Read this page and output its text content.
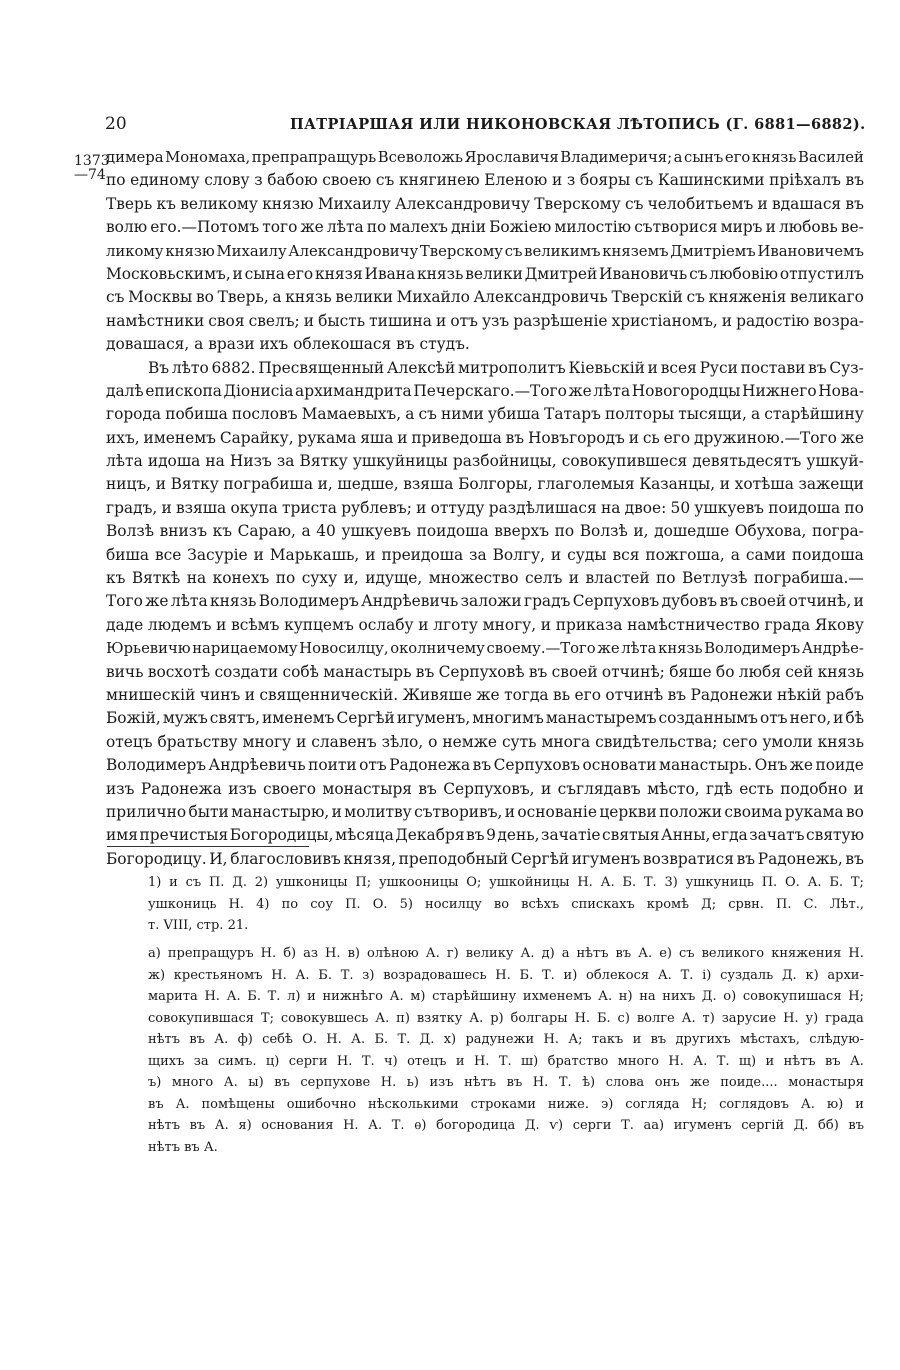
20	ПАТРІАРШАЯ ИЛИ НИКОНОВСКАЯ ЛѢТОПИСЬ (Г. 6881—6882).
1373
—74
димера Мономаха, препрапращурь Всеволожь Ярославичя Владимеричя; а сынъ его князь Василей
по единому слову з бабою своею съ княгинею Еленою и з бояры съ Кашинскими пріѣхалъ въ
Тверь къ великому князю Михаилу Александровичу Тверскому съ челобитьемъ и вдашася въ
волю его.—Потомъ того же лѣта по малехъ дніи Божіею милостію сътворися миръ и любовь ве-
ликому князю Михаилу Александровичу Тверскому съ великимъ княземъ Дмитріемъ Ивановичемъ
Московьскимъ, и сына его князя Ивана князь велики Дмитрей Ивановичь съ любовію отпустилъ
съ Москвы во Тверь, а князь велики Михайло Александровичь Тверскій съ княженія великаго
намѣстники своя свелъ; и бысть тишина и отъ узъ разрѣшеніе христіаномъ, и радостію возра-
довашася, а врази ихъ облекошася въ студъ.
Въ лѣто 6882. Пресвященный Алексѣй митрополитъ Кіевьскій и всея Руси постави въ Суз-
далѣ епископа Діонисіа архимандрита Печерскаго.—Того же лѣта Новогородцы Нижнего Нова-
города побиша пословъ Мамаевыхъ, а съ ними убиша Татаръ полторы тысящи, а старѣйшину
ихъ, именемъ Сарайку, рукама яша и приведоша въ Новъгородъ и сь его дружиною.—Того же
лѣта идоша на Низъ за Вятку ушкуйницы разбойницы, совокупившеся девятьдесятъ ушкуй-
ницъ, и Вятку пограбиша и, шедше, взяша Болгоры, глаголемыя Казанцы, и хотѣша зажещи
градъ, и взяша окупа триста рублевъ; и оттуду раздѣлишася на двое: 50 ушкуевъ поидоша по
Волзѣ внизъ къ Сараю, а 40 ушкуевъ поидоша вверхъ по Волзѣ и, дошедше Обухова, погра-
биша все Засуріе и Марькашь, и преидоша за Волгу, и суды вся пожгоша, а сами поидоша
къ Вяткѣ на конехъ по суху и, идуще, множество селъ и властей по Ветлузѣ пограбиша.—
Того же лѣта князь Володимеръ Андрѣевичь заложи градъ Серпуховъ дубовъ въ своей отчинѣ, и
даде людемъ и всѣмъ купцемъ ослабу и лготу многу, и приказа намѣстничество града Якову
Юрьевичю нарицаемому Новосилцу, околничему своему.—Того же лѣта князь Володимеръ Андрѣе-
вичь восхотѣ создати собѣ манастырь въ Серпуховѣ въ своей отчинѣ; бяше бо любя сей князь
мнишескій чинъ и священническій. Живяше же тогда вь его отчинѣ въ Радонежи нѣкій рабъ
Божій, мужъ святъ, именемъ Сергѣй игуменъ, многимъ манастыремъ созданнымъ отъ него, и бѣ
отецъ братьству многу и славенъ зѣло, о немже суть многа свидѣтельства; сего умоли князь
Володимеръ Андрѣевичь поити отъ Радонежа въ Серпуховъ основати манастырь. Онъ же поиде
изъ Радонежа изъ своего монастыря въ Серпуховъ, и съглядавъ мѣсто, гдѣ есть подобно и
прилично быти манастырю, и молитву сътворивъ, и основаніе церкви положи своима рукама во
имя пречистыя Богородицы, мѣсяца Декабря въ 9 день, зачатіе святыя Анны, егда зачатъ святую
Богородицу. И, благословивъ князя, преподобный Сергѣй игуменъ возвратися въ Радонежь, въ
1) и съ П. Д. 2) ушконицы П; ушкооницы О; ушкойницы Н. А. Б. Т. 3) ушкуниць П. О. А. Б. Т;
ушкониць Н. 4) по соу П. О. 5) носилцу во всѣхъ спискахъ кромѣ Д; срвн. П. С. Лѣт.,
т. VIII, стр. 21.
а) препращуръ Н. б) аз Н. в) олѣною А. г) велику А. д) а нѣтъ въ А. е) съ великого княжения Н.
ж) крестьяномъ Н. А. Б. Т. з) возрадовашесь Н. Б. Т. и) облекося А. Т. і) суздаль Д. к) архи-
марита Н. А. Б. Т. л) и нижнѣго А. м) старѣйшину ихменемъ А. н) на нихъ Д. о) совокупишася Н;
совокупившася Т; совокувшесь А. п) взятку А. р) болгары Н. Б. с) волге А. т) зарусие Н. у) града
нѣтъ въ А. ф) себѣ О. Н. А. Б. Т. Д. х) радунежи Н. А; такъ и въ другихъ мѣстахъ, слѣдую-
щихъ за симъ. ц) серги Н. Т. ч) отецъ и Н. Т. ш) братство много Н. А. Т. щ) и нѣтъ въ А.
ъ) много А. ы) въ серпухове Н. ь) изъ нѣтъ въ Н. Т. ѣ) слова онъ же поиде.... монастыря
въ А. помѣщены ошибочно нѣсколькими строками ниже. э) согляда Н; соглядовъ А. ю) и
нѣтъ въ А. я) основания Н. А. Т. ѳ) богородица Д. ѵ) серги Т. аа) игуменъ сергій Д. бб) въ
нѣтъ въ А.
